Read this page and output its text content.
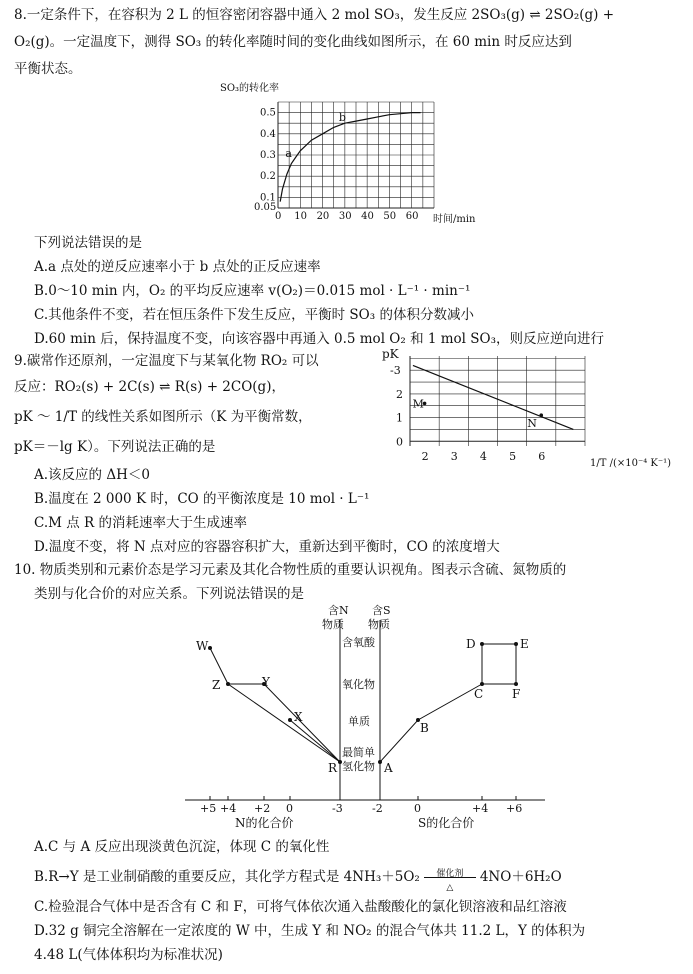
8.一定条件下，在容积为 2 L 的恒容密闭容器中通入 2 mol SO₃，发生反应 2SO₃(g) ⇌ 2SO₂(g) +
O₂(g)。一定温度下，测得 SO₃ 的转化率随时间的变化曲线如图所示，在 60 min 时反应达到
平衡状态。
SO₃的转化率
0 10 20 30 40 50 60
0.05
0.1
0.2
0.3
0.4
0.5
a
b
时间/min
下列说法错误的是
A.a 点处的逆反应速率小于 b 点处的正反应速率
B.0～10 min 内，O₂ 的平均反应速率 v(O₂)＝0.015 mol · L⁻¹ · min⁻¹
C.其他条件不变，若在恒压条件下发生反应，平衡时 SO₃ 的体积分数减小
D.60 min 后，保持温度不变，向该容器中再通入 0.5 mol O₂ 和 1 mol SO₃，则反应逆向进行
9.碳常作还原剂，一定温度下与某氧化物 RO₂ 可以
反应：RO₂(s) + 2C(s) ⇌ R(s) + 2CO(g)，
pK ～ 1/T 的线性关系如图所示（K 为平衡常数，
pK＝－lg K）。下列说法正确的是
pK
2 3 4 5 6
0
1
2
-3
M
N
1/T /(×10⁻⁴ K⁻¹)
A.该反应的 ΔH＜0
B.温度在 2 000 K 时，CO 的平衡浓度是 10 mol · L⁻¹
C.M 点 R 的消耗速率大于生成速率
D.温度不变，将 N 点对应的容器容积扩大，重新达到平衡时，CO 的浓度增大
10. 物质类别和元素价态是学习元素及其化合物性质的重要认识视角。图表示含硫、氮物质的
类别与化合价的对应关系。下列说法错误的是
含N
物质
含S
物质
含氧酸
氧化物
单质
最简单
氢化物
W
Z	Y
X
R	A
B
C
D	E
F
+5 +4 +2 0	-3	-2	0	+4 +6
N的化合价	S的化合价
A.C 与 A 反应出现淡黄色沉淀，体现 C 的氧化性
B.R→Y 是工业制硝酸的重要反应，其化学方程式是 4NH₃＋5O₂	催化剂
△
4NO＋6H₂O
C.检验混合气体中是否含有 C 和 F，可将气体依次通入盐酸酸化的氯化钡溶液和品红溶液
D.32 g 铜完全溶解在一定浓度的 W 中，生成 Y 和 NO₂ 的混合气体共 11.2 L，Y 的体积为
4.48 L(气体体积均为标准状况)
